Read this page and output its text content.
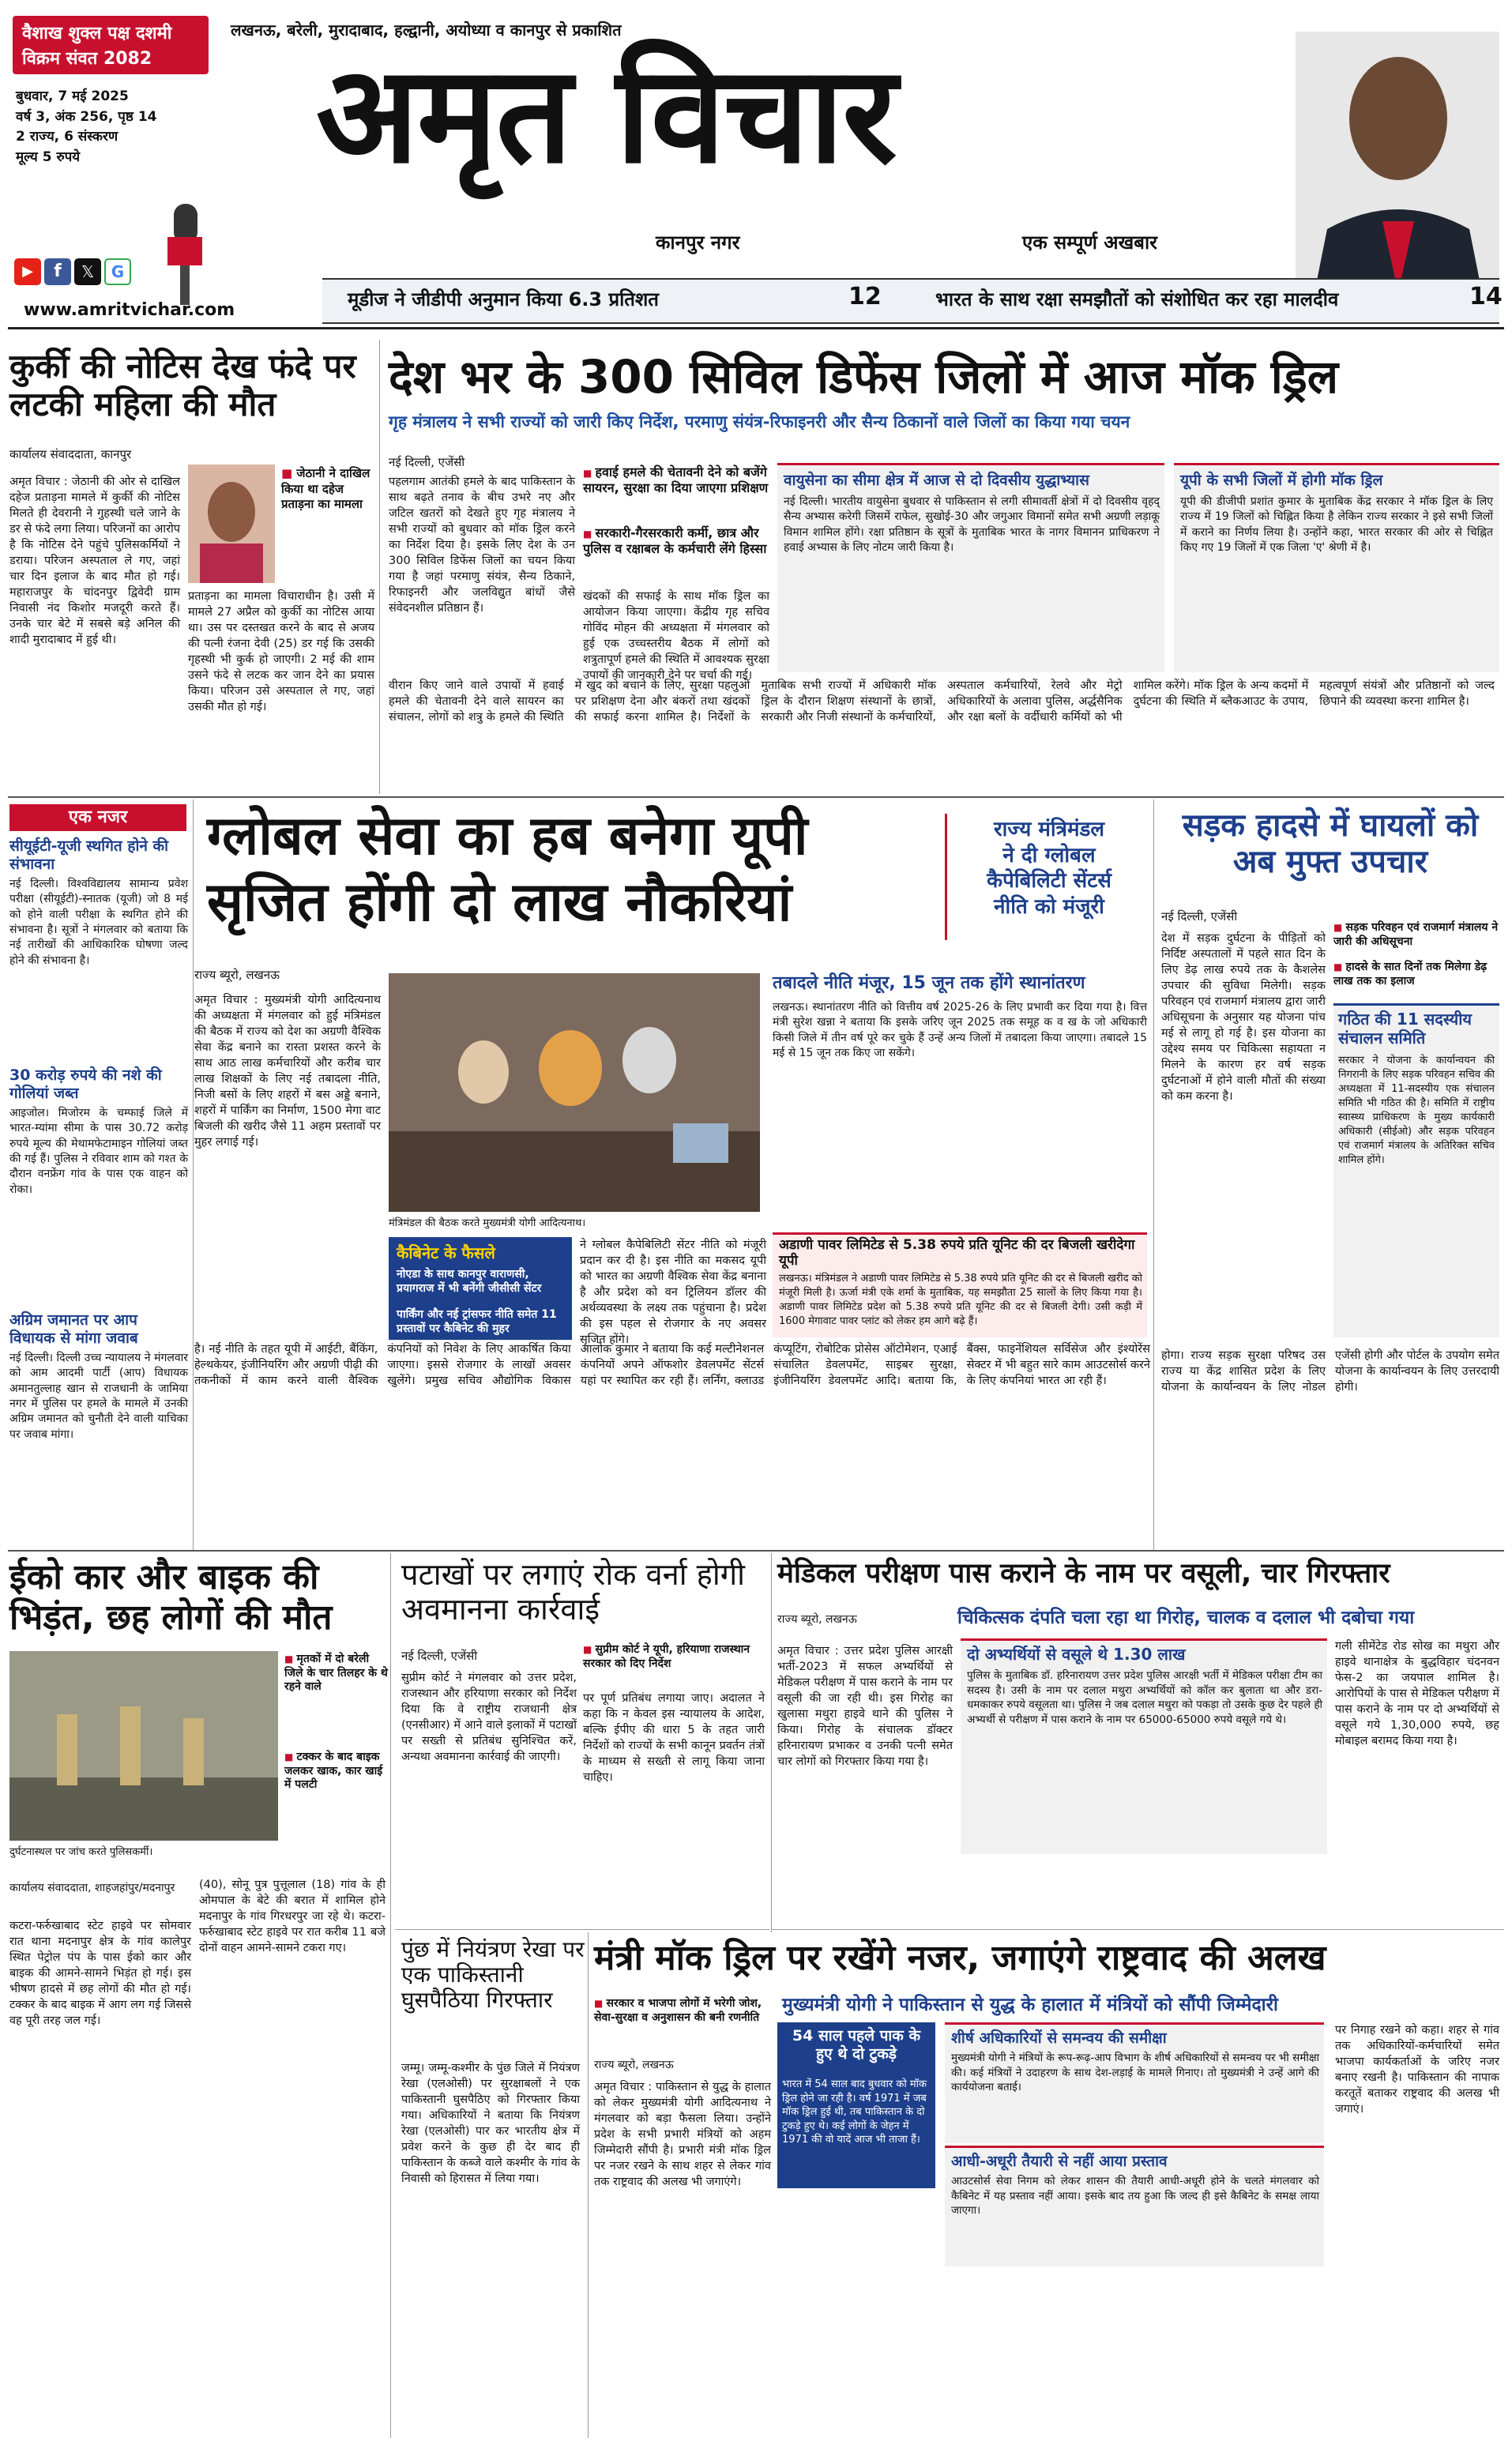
वैशाख शुक्ल पक्ष दशमी
विक्रम संवत 2082
लखनऊ, बरेली, मुरादाबाद, हल्द्वानी, अयोध्या व कानपुर से प्रकाशित
बुधवार, 7 मई 2025
वर्ष 3, अंक 256, पृष्ठ 14
2 राज्य, 6 संस्करण
मूल्य 5 रुपये
▶	f	𝕏	G
www.amritvichar.com
अमृत विचार
कानपुर नगर	एक सम्पूर्ण अखबार
मूडीज ने जीडीपी अनुमान किया 6.3 प्रतिशत	12	भारत के साथ रक्षा समझौतों को संशोधित कर रहा मालदीव	14
कुर्की की नोटिस देख फंदे पर लटकी महिला की मौत
कार्यालय संवाददाता, कानपुर
अमृत विचार : जेठानी की ओर से दाखिल दहेज प्रताड़ना मामले में कुर्की की नोटिस मिलते ही देवरानी ने गुहस्थी चले जाने के डर से फंदे लगा लिया। परिजनों का आरोप है कि नोटिस देने पहुंचे पुलिसकर्मियों ने डराया। परिजन अस्पताल ले गए, जहां चार दिन इलाज के बाद मौत हो गई। महाराजपुर के चांदनपुर द्विवेदी ग्राम निवासी नंद किशोर मजदूरी करते हैं। उनके चार बेटे में सबसे बड़े अनिल की शादी मुरादाबाद में हुई थी।
■ जेठानी ने दाखिल किया था दहेज प्रताड़ना का मामला
प्रताड़ना का मामला विचाराधीन है। उसी में मामले 27 अप्रैल को कुर्की का नोटिस आया था। उस पर दस्तखत करने के बाद से अजय की पत्नी रंजना देवी (25) डर गई कि उसकी गृहस्थी भी कुर्क हो जाएगी। 2 मई की शाम उसने फंदे से लटक कर जान देने का प्रयास किया। परिजन उसे अस्पताल ले गए, जहां उसकी मौत हो गई।
देश भर के 300 सिविल डिफेंस जिलों में आज मॉक ड्रिल
गृह मंत्रालय ने सभी राज्यों को जारी किए निर्देश, परमाणु संयंत्र-रिफाइनरी और सैन्य ठिकानों वाले जिलों का किया गया चयन
नई दिल्ली, एजेंसी
पहलगाम आतंकी हमले के बाद पाकिस्तान के साथ बढ़ते तनाव के बीच उभरे नए और जटिल खतरों को देखते हुए गृह मंत्रालय ने सभी राज्यों को बुधवार को मॉक ड्रिल करने का निर्देश दिया है। इसके लिए देश के उन 300 सिविल डिफेंस जिलों का चयन किया गया है जहां परमाणु संयंत्र, सैन्य ठिकाने, रिफाइनरी और जलविद्युत बांधों जैसे संवेदनशील प्रतिष्ठान हैं।
■ हवाई हमले की चेतावनी देने को बजेंगे सायरन, सुरक्षा का दिया जाएगा प्रशिक्षण
■ सरकारी-गैरसरकारी कर्मी, छात्र और पुलिस व रक्षाबल के कर्मचारी लेंगे हिस्सा
खंदकों की सफाई के साथ मॉक ड्रिल का आयोजन किया जाएगा। केंद्रीय गृह सचिव गोविंद मोहन की अध्यक्षता में मंगलवार को हुई एक उच्चस्तरीय बैठक में लोगों को शत्रुतापूर्ण हमले की स्थिति में आवश्यक सुरक्षा उपायों की जानकारी देने पर चर्चा की गई।
वायुसेना का सीमा क्षेत्र में आज से दो दिवसीय युद्धाभ्यास
नई दिल्ली। भारतीय वायुसेना बुधवार से पाकिस्तान से लगी सीमावर्ती क्षेत्रों में दो दिवसीय वृहद् सैन्य अभ्यास करेगी जिसमें राफेल, सुखोई-30 और जगुआर विमानों समेत सभी अग्रणी लड़ाकू विमान शामिल होंगे। रक्षा प्रतिष्ठान के सूत्रों के मुताबिक भारत के नागर विमानन प्राधिकरण ने हवाई अभ्यास के लिए नोटम जारी किया है।
यूपी के सभी जिलों में होगी मॉक ड्रिल
यूपी की डीजीपी प्रशांत कुमार के मुताबिक केंद्र सरकार ने मॉक ड्रिल के लिए राज्य में 19 जिलों को चिह्नित किया है लेकिन राज्य सरकार ने इसे सभी जिलों में कराने का निर्णय लिया है। उन्होंने कहा, भारत सरकार की ओर से चिह्नित किए गए 19 जिलों में एक जिला 'ए' श्रेणी में है।
वीरान किए जाने वाले उपायों में हवाई हमले की चेतावनी देने वाले सायरन का संचालन, लोगों को शत्रु के हमले की स्थिति में खुद को बचाने के लिए, सुरक्षा पहलुओं पर प्रशिक्षण देना और बंकरों तथा खंदकों की सफाई करना शामिल है। निर्देशों के मुताबिक सभी राज्यों में अधिकारी मॉक ड्रिल के दौरान शिक्षण संस्थानों के छात्रों, सरकारी और निजी संस्थानों के कर्मचारियों, अस्पताल कर्मचारियों, रेलवे और मेट्रो अधिकारियों के अलावा पुलिस, अर्द्धसैनिक और रक्षा बलों के वर्दीधारी कर्मियों को भी शामिल करेंगे। मॉक ड्रिल के अन्य कदमों में दुर्घटना की स्थिति में ब्लैकआउट के उपाय, महत्वपूर्ण संयंत्रों और प्रतिष्ठानों को जल्द छिपाने की व्यवस्था करना शामिल है।
एक नजर
सीयूईटी-यूजी स्थगित होने की संभावना
नई दिल्ली। विश्वविद्यालय सामान्य प्रवेश परीक्षा (सीयूईटी)-स्नातक (यूजी) जो 8 मई को होने वाली परीक्षा के स्थगित होने की संभावना है। सूत्रों ने मंगलवार को बताया कि नई तारीखों की आधिकारिक घोषणा जल्द होने की संभावना है।
30 करोड़ रुपये की नशे की गोलियां जब्त
आइजोल। मिजोरम के चम्फाई जिले में भारत-म्यांमा सीमा के पास 30.72 करोड़ रुपये मूल्य की मेथामफेटामाइन गोलियां जब्त की गई हैं। पुलिस ने रविवार शाम को गश्त के दौरान वनफ्रेंग गांव के पास एक वाहन को रोका।
अग्रिम जमानत पर आप विधायक से मांगा जवाब
नई दिल्ली। दिल्ली उच्च न्यायालय ने मंगलवार को आम आदमी पार्टी (आप) विधायक अमानतुल्लाह खान से राजधानी के जामिया नगर में पुलिस पर हमले के मामले में उनकी अग्रिम जमानत को चुनौती देने वाली याचिका पर जवाब मांगा।
ग्लोबल सेवा का हब बनेगा यूपी
सृजित होंगी दो लाख नौकरियां
राज्य मंत्रिमंडल
ने दी ग्लोबल
कैपेबिलिटी सेंटर्स
नीति को मंजूरी
राज्य ब्यूरो, लखनऊ
अमृत विचार : मुख्यमंत्री योगी आदित्यनाथ की अध्यक्षता में मंगलवार को हुई मंत्रिमंडल की बैठक में राज्य को देश का अग्रणी वैश्विक सेवा केंद्र बनाने का रास्ता प्रशस्त करने के साथ आठ लाख कर्मचारियों और करीब चार लाख शिक्षकों के लिए नई तबादला नीति, निजी बसों के लिए शहरों में बस अड्डे बनाने, शहरों में पार्किंग का निर्माण, 1500 मेगा वाट बिजली की खरीद जैसे 11 अहम प्रस्तावों पर मुहर लगाई गई।
मंत्रिमंडल की बैठक करते मुख्यमंत्री योगी आदित्यनाथ।
कैबिनेट के फैसले
नोएडा के साथ कानपुर वाराणसी, प्रयागराज में भी बनेंगी जीसीसी सेंटर
पार्किंग और नई ट्रांसफर नीति समेत 11 प्रस्तावों पर कैबिनेट की मुहर
ने ग्लोबल कैपेबिलिटी सेंटर नीति को मंजूरी प्रदान कर दी है। इस नीति का मकसद यूपी को भारत का अग्रणी वैश्विक सेवा केंद्र बनाना है और प्रदेश को वन ट्रिलियन डॉलर की अर्थव्यवस्था के लक्ष्य तक पहुंचाना है। प्रदेश की इस पहल से रोजगार के नए अवसर सृजित होंगे।
तबादले नीति मंजूर, 15 जून तक होंगे स्थानांतरण
लखनऊ। स्थानांतरण नीति को वित्तीय वर्ष 2025-26 के लिए प्रभावी कर दिया गया है। वित्त मंत्री सुरेश खन्ना ने बताया कि इसके जरिए जून 2025 तक समूह क व ख के जो अधिकारी किसी जिले में तीन वर्ष पूरे कर चुके हैं उन्हें अन्य जिलों में तबादला किया जाएगा। तबादले 15 मई से 15 जून तक किए जा सकेंगे।
अडाणी पावर लिमिटेड से 5.38 रुपये प्रति यूनिट की दर बिजली खरीदेगा यूपी
लखनऊ। मंत्रिमंडल ने अडाणी पावर लिमिटेड से 5.38 रुपये प्रति यूनिट की दर से बिजली खरीद को मंजूरी मिली है। ऊर्जा मंत्री एके शर्मा के मुताबिक, यह समझौता 25 सालों के लिए किया गया है। अडाणी पावर लिमिटेड प्रदेश को 5.38 रुपये प्रति यूनिट की दर से बिजली देगी। उसी कड़ी में 1600 मेगावाट पावर प्लांट को लेकर हम आगे बढ़े हैं।
है। नई नीति के तहत यूपी में आईटी, बैंकिंग, हेल्थकेयर, इंजीनियरिंग और अग्रणी पीढ़ी की तकनीकों में काम करने वाली वैश्विक कंपनियों को निवेश के लिए आकर्षित किया जाएगा। इससे रोजगार के लाखों अवसर खुलेंगे। प्रमुख सचिव औद्योगिक विकास आलोक कुमार ने बताया कि कई मल्टीनेशनल कंपनियों अपने ऑफशोर डेवलपमेंट सेंटर्स यहां पर स्थापित कर रही हैं। लर्निंग, क्लाउड कंप्यूटिंग, रोबोटिक प्रोसेस ऑटोमेशन, एआई संचालित डेवलपमेंट, साइबर सुरक्षा, इंजीनियरिंग डेवलपमेंट आदि। बताया कि, बैंक्स, फाइनेंशियल सर्विसेज और इंश्योरेंस सेक्टर में भी बहुत सारे काम आउटसोर्स करने के लिए कंपनियां भारत आ रही हैं।
सड़क हादसे में घायलों को अब मुफ्त उपचार
नई दिल्ली, एजेंसी
■ सड़क परिवहन एवं राजमार्ग मंत्रालय ने जारी की अधिसूचना
■ हादसे के सात दिनों तक मिलेगा डेढ़ लाख तक का इलाज
देश में सड़क दुर्घटना के पीड़ितों को निर्दिष्ट अस्पतालों में पहले सात दिन के लिए डेढ़ लाख रुपये तक के कैशलेस उपचार की सुविधा मिलेगी। सड़क परिवहन एवं राजमार्ग मंत्रालय द्वारा जारी अधिसूचना के अनुसार यह योजना पांच मई से लागू हो गई है। इस योजना का उद्देश्य समय पर चिकित्सा सहायता न मिलने के कारण हर वर्ष सड़क दुर्घटनाओं में होने वाली मौतों की संख्या को कम करना है।
गठित की 11 सदस्यीय संचालन समिति
सरकार ने योजना के कार्यान्वयन की निगरानी के लिए सड़क परिवहन सचिव की अध्यक्षता में 11-सदस्यीय एक संचालन समिति भी गठित की है। समिति में राष्ट्रीय स्वास्थ्य प्राधिकरण के मुख्य कार्यकारी अधिकारी (सीईओ) और सड़क परिवहन एवं राजमार्ग मंत्रालय के अतिरिक्त सचिव शामिल होंगे।
होगा। राज्य सड़क सुरक्षा परिषद उस राज्य या केंद्र शासित प्रदेश के लिए योजना के कार्यान्वयन के लिए नोडल एजेंसी होगी और पोर्टल के उपयोग समेत योजना के कार्यान्वयन के लिए उत्तरदायी होगी।
ईको कार और बाइक की भिड़ंत, छह लोगों की मौत
दुर्घटनास्थल पर जांच करते पुलिसकर्मी।
■ मृतकों में दो बरेली जिले के चार तिलहर के थे रहने वाले
■ टक्कर के बाद बाइक जलकर खाक, कार खाई में पलटी
कार्यालय संवाददाता, शाहजहांपुर/मदनापुर
कटरा-फर्रुखाबाद स्टेट हाइवे पर सोमवार रात थाना मदनापुर क्षेत्र के गांव कालेपुर स्थित पेट्रोल पंप के पास ईको कार और बाइक की आमने-सामने भिड़ंत हो गई। इस भीषण हादसे में छह लोगों की मौत हो गई। टक्कर के बाद बाइक में आग लग गई जिससे वह पूरी तरह जल गई।
(40), सोनू पुत्र पुत्तूलाल (18) गांव के ही ओमपाल के बेटे की बरात में शामिल होने मदनापुर के गांव गिरधरपुर जा रहे थे। कटरा-फर्रुखाबाद स्टेट हाइवे पर रात करीब 11 बजे दोनों वाहन आमने-सामने टकरा गए।
पटाखों पर लगाएं रोक वर्ना होगी अवमानना कार्रवाई
नई दिल्ली, एजेंसी
■	सुप्रीम कोर्ट ने यूपी, हरियाणा राजस्थान सरकार को दिए निर्देश
सुप्रीम कोर्ट ने मंगलवार को उत्तर प्रदेश, राजस्थान और हरियाणा सरकार को निर्देश दिया कि वे राष्ट्रीय राजधानी क्षेत्र (एनसीआर) में आने वाले इलाकों में पटाखों पर सख्ती से प्रतिबंध सुनिश्चित करें, अन्यथा अवमानना कार्रवाई की जाएगी।
पर पूर्ण प्रतिबंध लगाया जाए। अदालत ने कहा कि न केवल इस न्यायालय के आदेश, बल्कि ईपीए की धारा 5 के तहत जारी निर्देशों को राज्यों के सभी कानून प्रवर्तन तंत्रों के माध्यम से सख्ती से लागू किया जाना चाहिए।
पुंछ में नियंत्रण रेखा पर एक पाकिस्तानी घुसपैठिया गिरफ्तार
जम्मू। जम्मू-कश्मीर के पुंछ जिले में नियंत्रण रेखा (एलओसी) पर सुरक्षाबलों ने एक पाकिस्तानी घुसपैठिए को गिरफ्तार किया गया। अधिकारियों ने बताया कि नियंत्रण रेखा (एलओसी) पार कर भारतीय क्षेत्र में प्रवेश करने के कुछ ही देर बाद ही पाकिस्तान के कब्जे वाले कश्मीर के गांव के निवासी को हिरासत में लिया गया।
मेडिकल परीक्षण पास कराने के नाम पर वसूली, चार गिरफ्तार
चिकित्सक दंपति चला रहा था गिरोह, चालक व दलाल भी दबोचा गया
राज्य ब्यूरो, लखनऊ
अमृत विचार : उत्तर प्रदेश पुलिस आरक्षी भर्ती-2023 में सफल अभ्यर्थियों से मेडिकल परीक्षण में पास कराने के नाम पर वसूली की जा रही थी। इस गिरोह का खुलासा मथुरा हाइवे थाने की पुलिस ने किया। गिरोह के संचालक डॉक्टर हरिनारायण प्रभाकर व उनकी पत्नी समेत चार लोगों को गिरफ्तार किया गया है।
दो अभ्यर्थियों से वसूले थे 1.30 लाख
पुलिस के मुताबिक डॉ. हरिनारायण उत्तर प्रदेश पुलिस आरक्षी भर्ती में मेडिकल परीक्षा टीम का सदस्य है। उसी के नाम पर दलाल मथुरा अभ्यर्थियों को कॉल कर बुलाता था और डरा-धमकाकर रुपये वसूलता था। पुलिस ने जब दलाल मथुरा को पकड़ा तो उसके कुछ देर पहले ही अभ्यर्थी से परीक्षण में पास कराने के नाम पर 65000-65000 रुपये वसूले गये थे।
गली सीमेंटेड रोड सोख का मथुरा और हाइवे थानाक्षेत्र के बुद्धविहार चंदनवन फेस-2 का जयपाल शामिल है। आरोपियों के पास से मेडिकल परीक्षण में पास कराने के नाम पर दो अभ्यर्थियों से वसूले गये 1,30,000 रुपये, छह मोबाइल बरामद किया गया है।
मंत्री मॉक ड्रिल पर रखेंगे नजर, जगाएंगे राष्ट्रवाद की अलख
मुख्यमंत्री योगी ने पाकिस्तान से युद्ध के हालात में मंत्रियों को सौंपी जिम्मेदारी
■ सरकार व भाजपा लोगों में भरेगी जोश, सेवा-सुरक्षा व अनुशासन की बनी रणनीति
राज्य ब्यूरो, लखनऊ
54 साल पहले पाक के हुए थे दो टुकड़े
भारत में 54 साल बाद बुधवार को मॉक ड्रिल होने जा रही है। वर्ष 1971 में जब मॉक ड्रिल हुई थी, तब पाकिस्तान के दो टुकड़े हुए थे। कई लोगों के जेहन में 1971 की वो यादें आज भी ताजा हैं।
अमृत विचार : पाकिस्तान से युद्ध के हालात को लेकर मुख्यमंत्री योगी आदित्यनाथ ने मंगलवार को बड़ा फैसला लिया। उन्होंने प्रदेश के सभी प्रभारी मंत्रियों को अहम जिम्मेदारी सौंपी है। प्रभारी मंत्री मॉक ड्रिल पर नजर रखने के साथ शहर से लेकर गांव तक राष्ट्रवाद की अलख भी जगाएंगे।
शीर्ष अधिकारियों से समन्वय की समीक्षा
मुख्यमंत्री योगी ने मंत्रियों के रूप-रूढ़-आप विभाग के शीर्ष अधिकारियों से समन्वय पर भी समीक्षा की। कई मंत्रियों ने उदाहरण के साथ देश-लड़ाई के मामले गिनाए। तो मुख्यमंत्री ने उन्हें आगे की कार्ययोजना बताई।
आधी-अधूरी तैयारी से नहीं आया प्रस्ताव
आउटसोर्स सेवा निगम को लेकर शासन की तैयारी आधी-अधूरी होने के चलते मंगलवार को कैबिनेट में यह प्रस्ताव नहीं आया। इसके बाद तय हुआ कि जल्द ही इसे कैबिनेट के समक्ष लाया जाएगा।
पर निगाह रखने को कहा। शहर से गांव तक अधिकारियों-कर्मचारियों समेत भाजपा कार्यकर्ताओं के जरिए नजर बनाए रखनी है। पाकिस्तान की नापाक करतूतें बताकर राष्ट्रवाद की अलख भी जगाएं।
